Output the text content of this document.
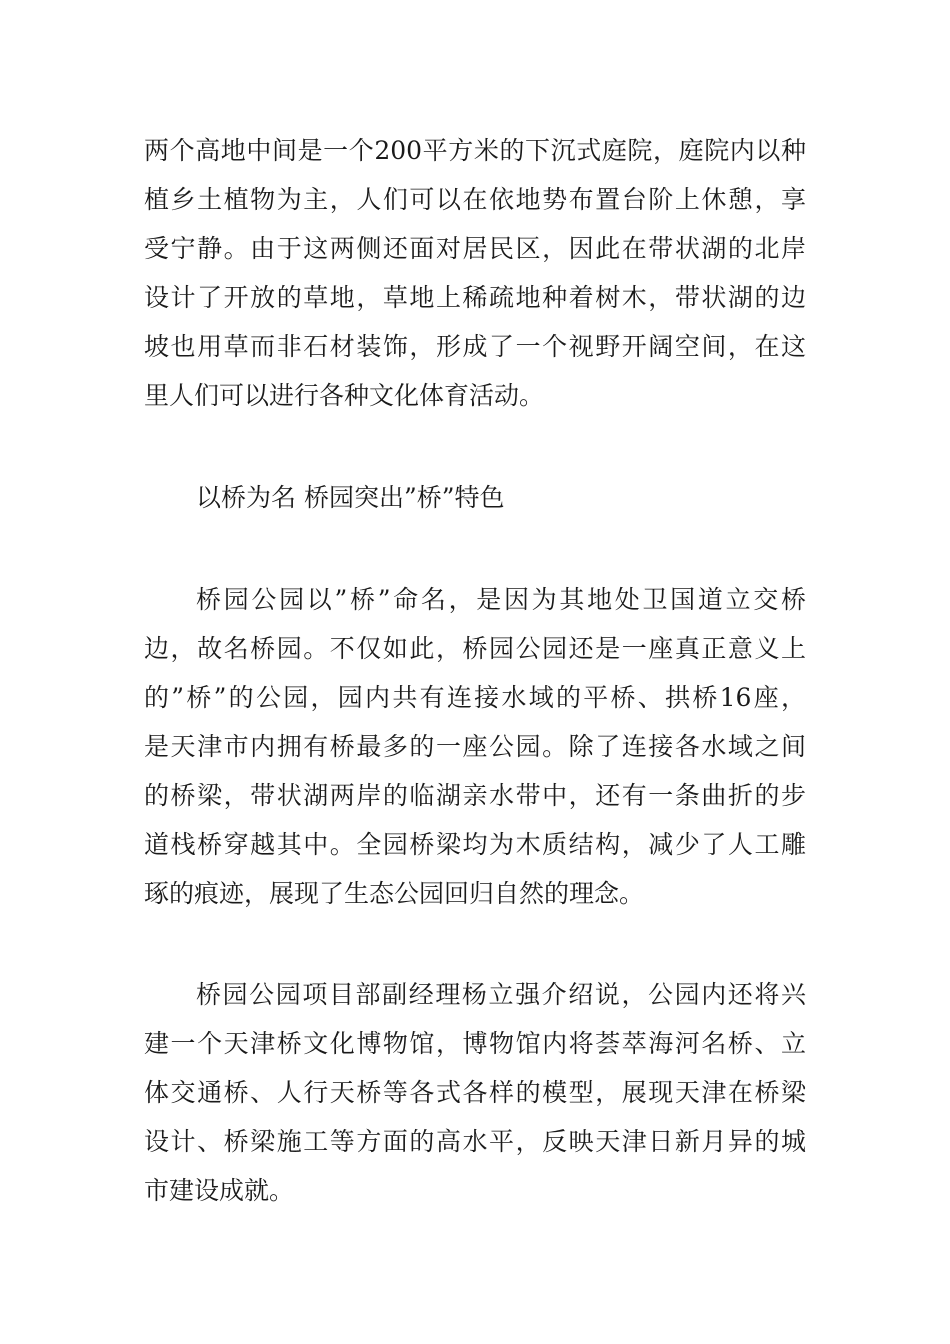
两个高地中间是一个200平方米的下沉式庭院，庭院内以种
植乡土植物为主，人们可以在依地势布置台阶上休憩，享
受宁静。由于这两侧还面对居民区，因此在带状湖的北岸
设计了开放的草地，草地上稀疏地种着树木，带状湖的边
坡也用草而非石材装饰，形成了一个视野开阔空间，在这
里人们可以进行各种文化体育活动。
以桥为名 桥园突出”桥”特色
桥园公园以”桥”命名，是因为其地处卫国道立交桥
边，故名桥园。不仅如此，桥园公园还是一座真正意义上
的”桥”的公园，园内共有连接水域的平桥、拱桥16座，
是天津市内拥有桥最多的一座公园。除了连接各水域之间
的桥梁，带状湖两岸的临湖亲水带中，还有一条曲折的步
道栈桥穿越其中。全园桥梁均为木质结构，减少了人工雕
琢的痕迹，展现了生态公园回归自然的理念。
桥园公园项目部副经理杨立强介绍说，公园内还将兴
建一个天津桥文化博物馆，博物馆内将荟萃海河名桥、立
体交通桥、人行天桥等各式各样的模型，展现天津在桥梁
设计、桥梁施工等方面的高水平，反映天津日新月异的城
市建设成就。
